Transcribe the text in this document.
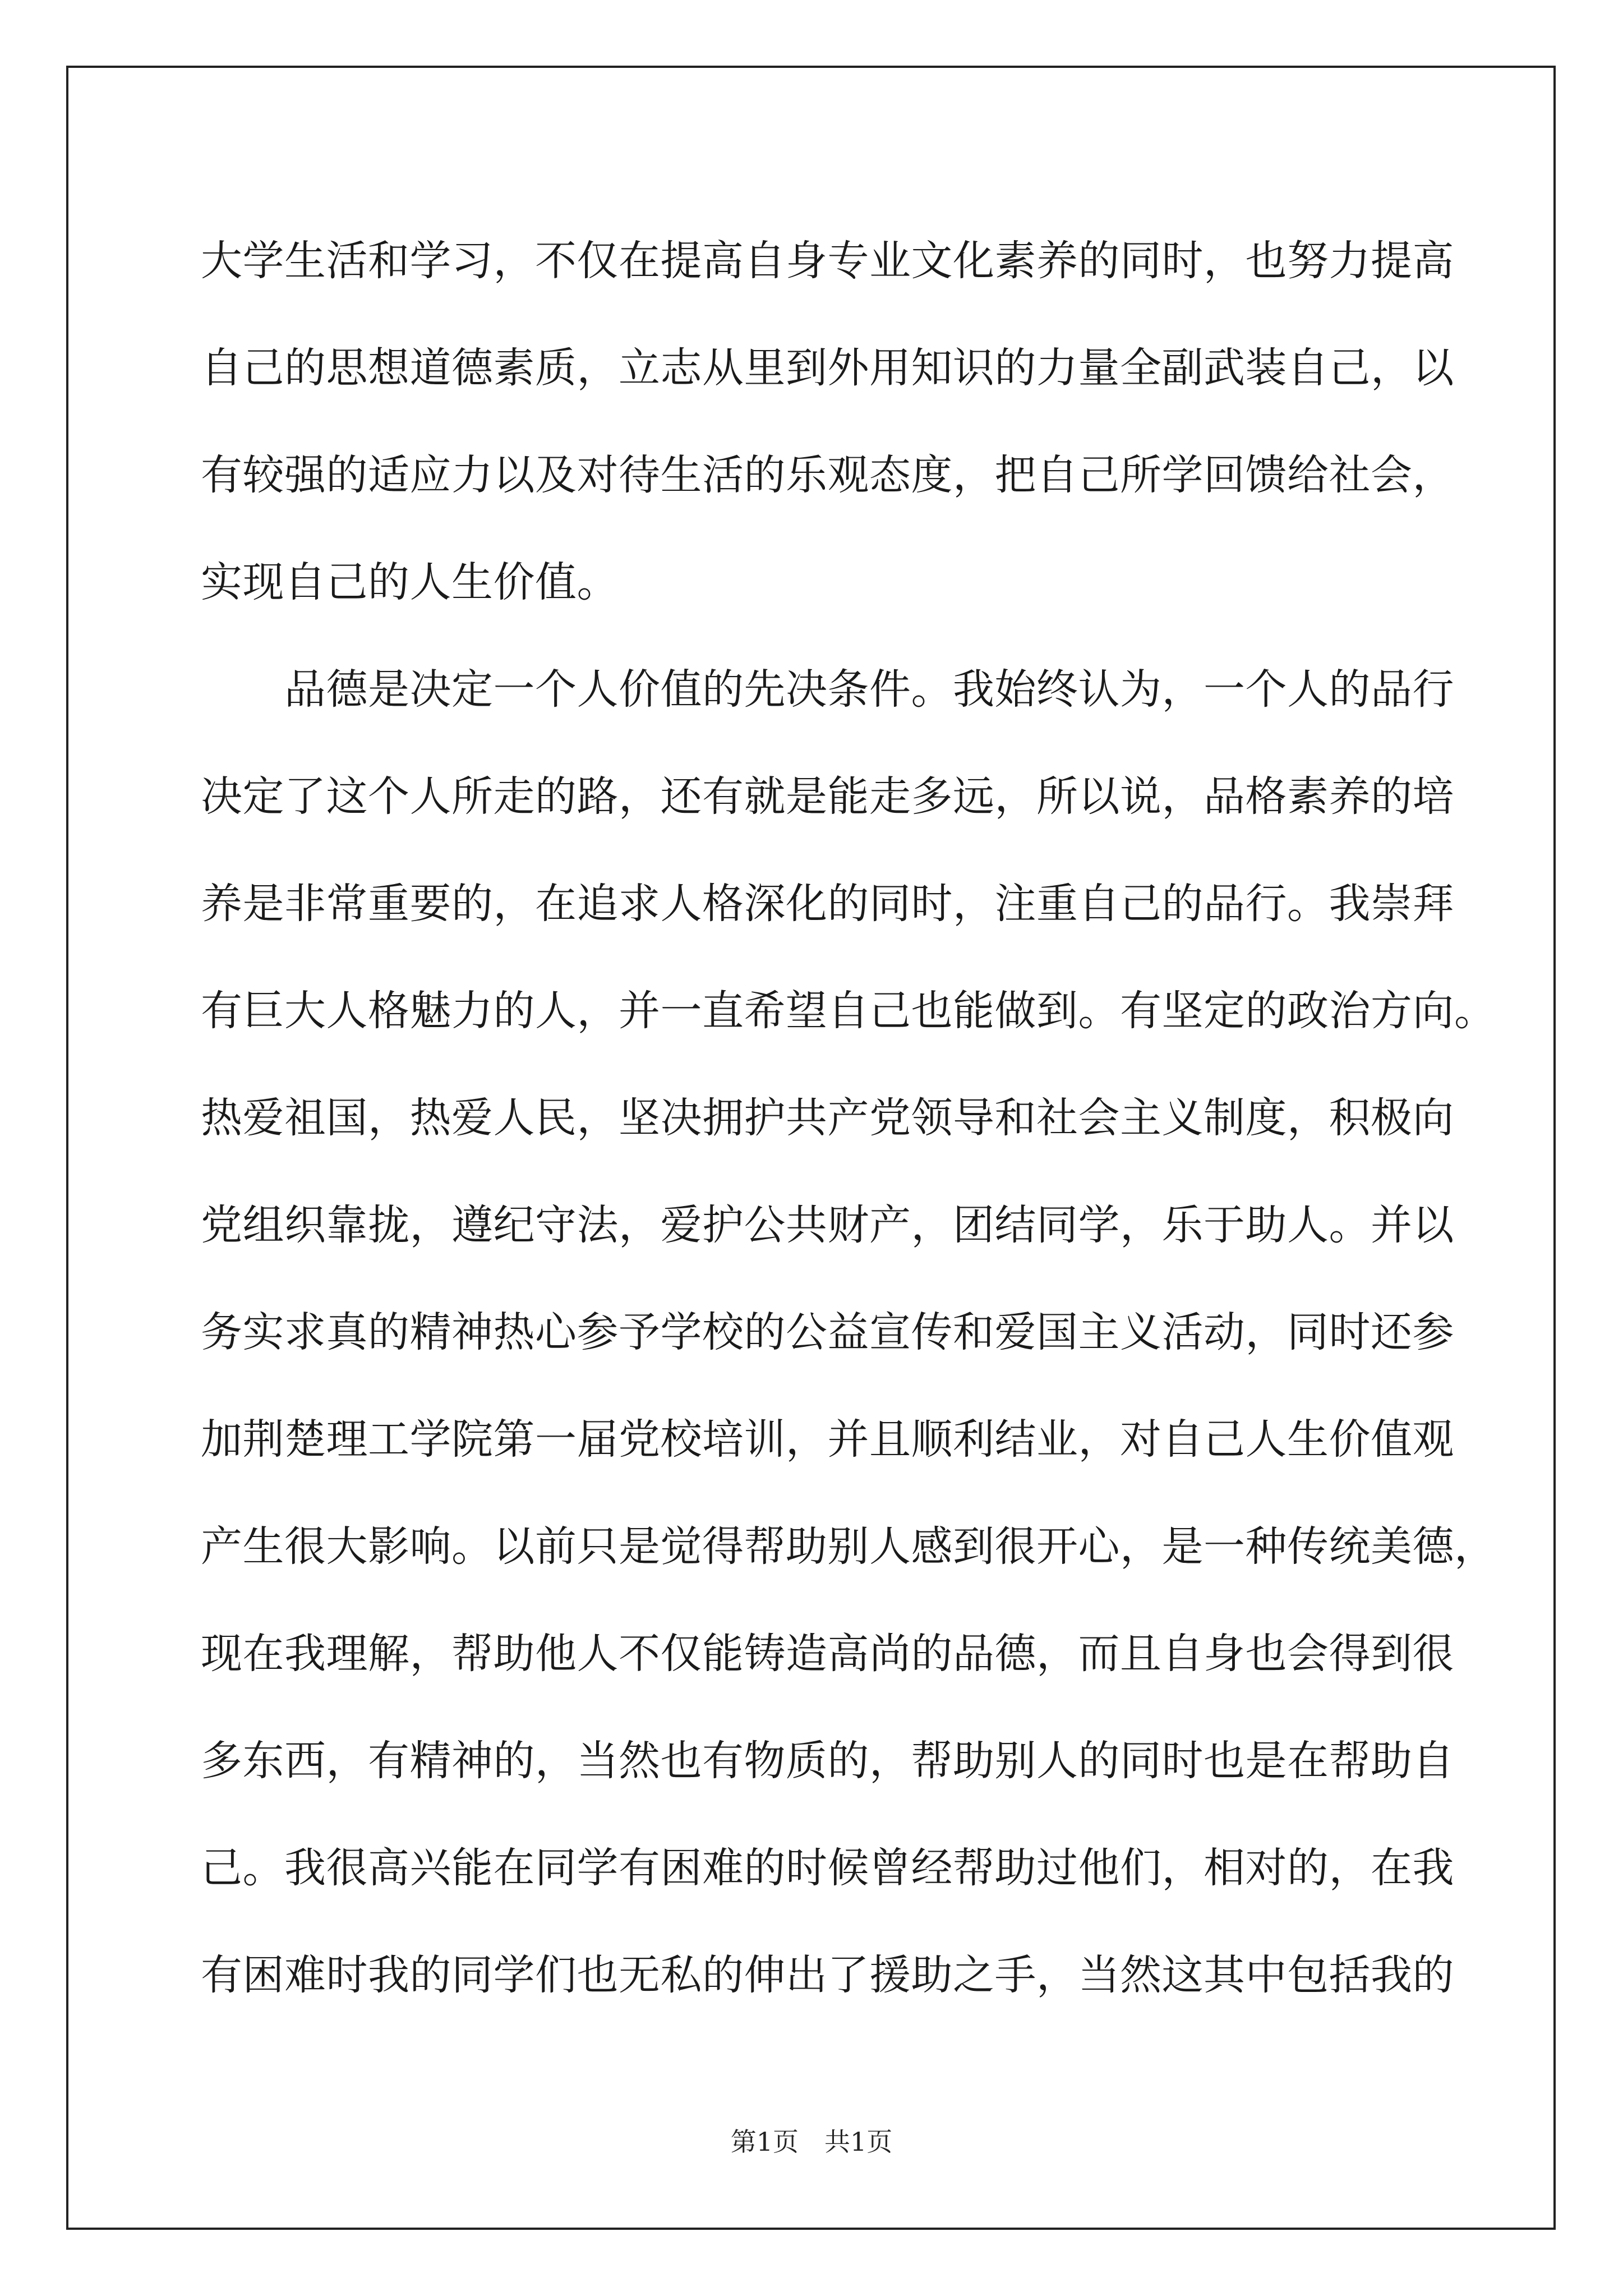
大学生活和学习，不仅在提高自身专业文化素养的同时，也努力提高
自己的思想道德素质，立志从里到外用知识的力量全副武装自己，以
有较强的适应力以及对待生活的乐观态度，把自己所学回馈给社会，
实现自己的人生价值。
　　品德是决定一个人价值的先决条件。我始终认为，一个人的品行
决定了这个人所走的路，还有就是能走多远，所以说，品格素养的培
养是非常重要的，在追求人格深化的同时，注重自己的品行。我崇拜
有巨大人格魅力的人，并一直希望自己也能做到。有坚定的政治方向。
热爱祖国，热爱人民，坚决拥护共产党领导和社会主义制度，积极向
党组织靠拢，遵纪守法，爱护公共财产，团结同学，乐于助人。并以
务实求真的精神热心参予学校的公益宣传和爱国主义活动，同时还参
加荆楚理工学院第一届党校培训，并且顺利结业，对自己人生价值观
产生很大影响。以前只是觉得帮助别人感到很开心，是一种传统美德，
现在我理解，帮助他人不仅能铸造高尚的品德，而且自身也会得到很
多东西，有精神的，当然也有物质的，帮助别人的同时也是在帮助自
己。我很高兴能在同学有困难的时候曾经帮助过他们，相对的，在我
有困难时我的同学们也无私的伸出了援助之手，当然这其中包括我的
第1页　共1页
